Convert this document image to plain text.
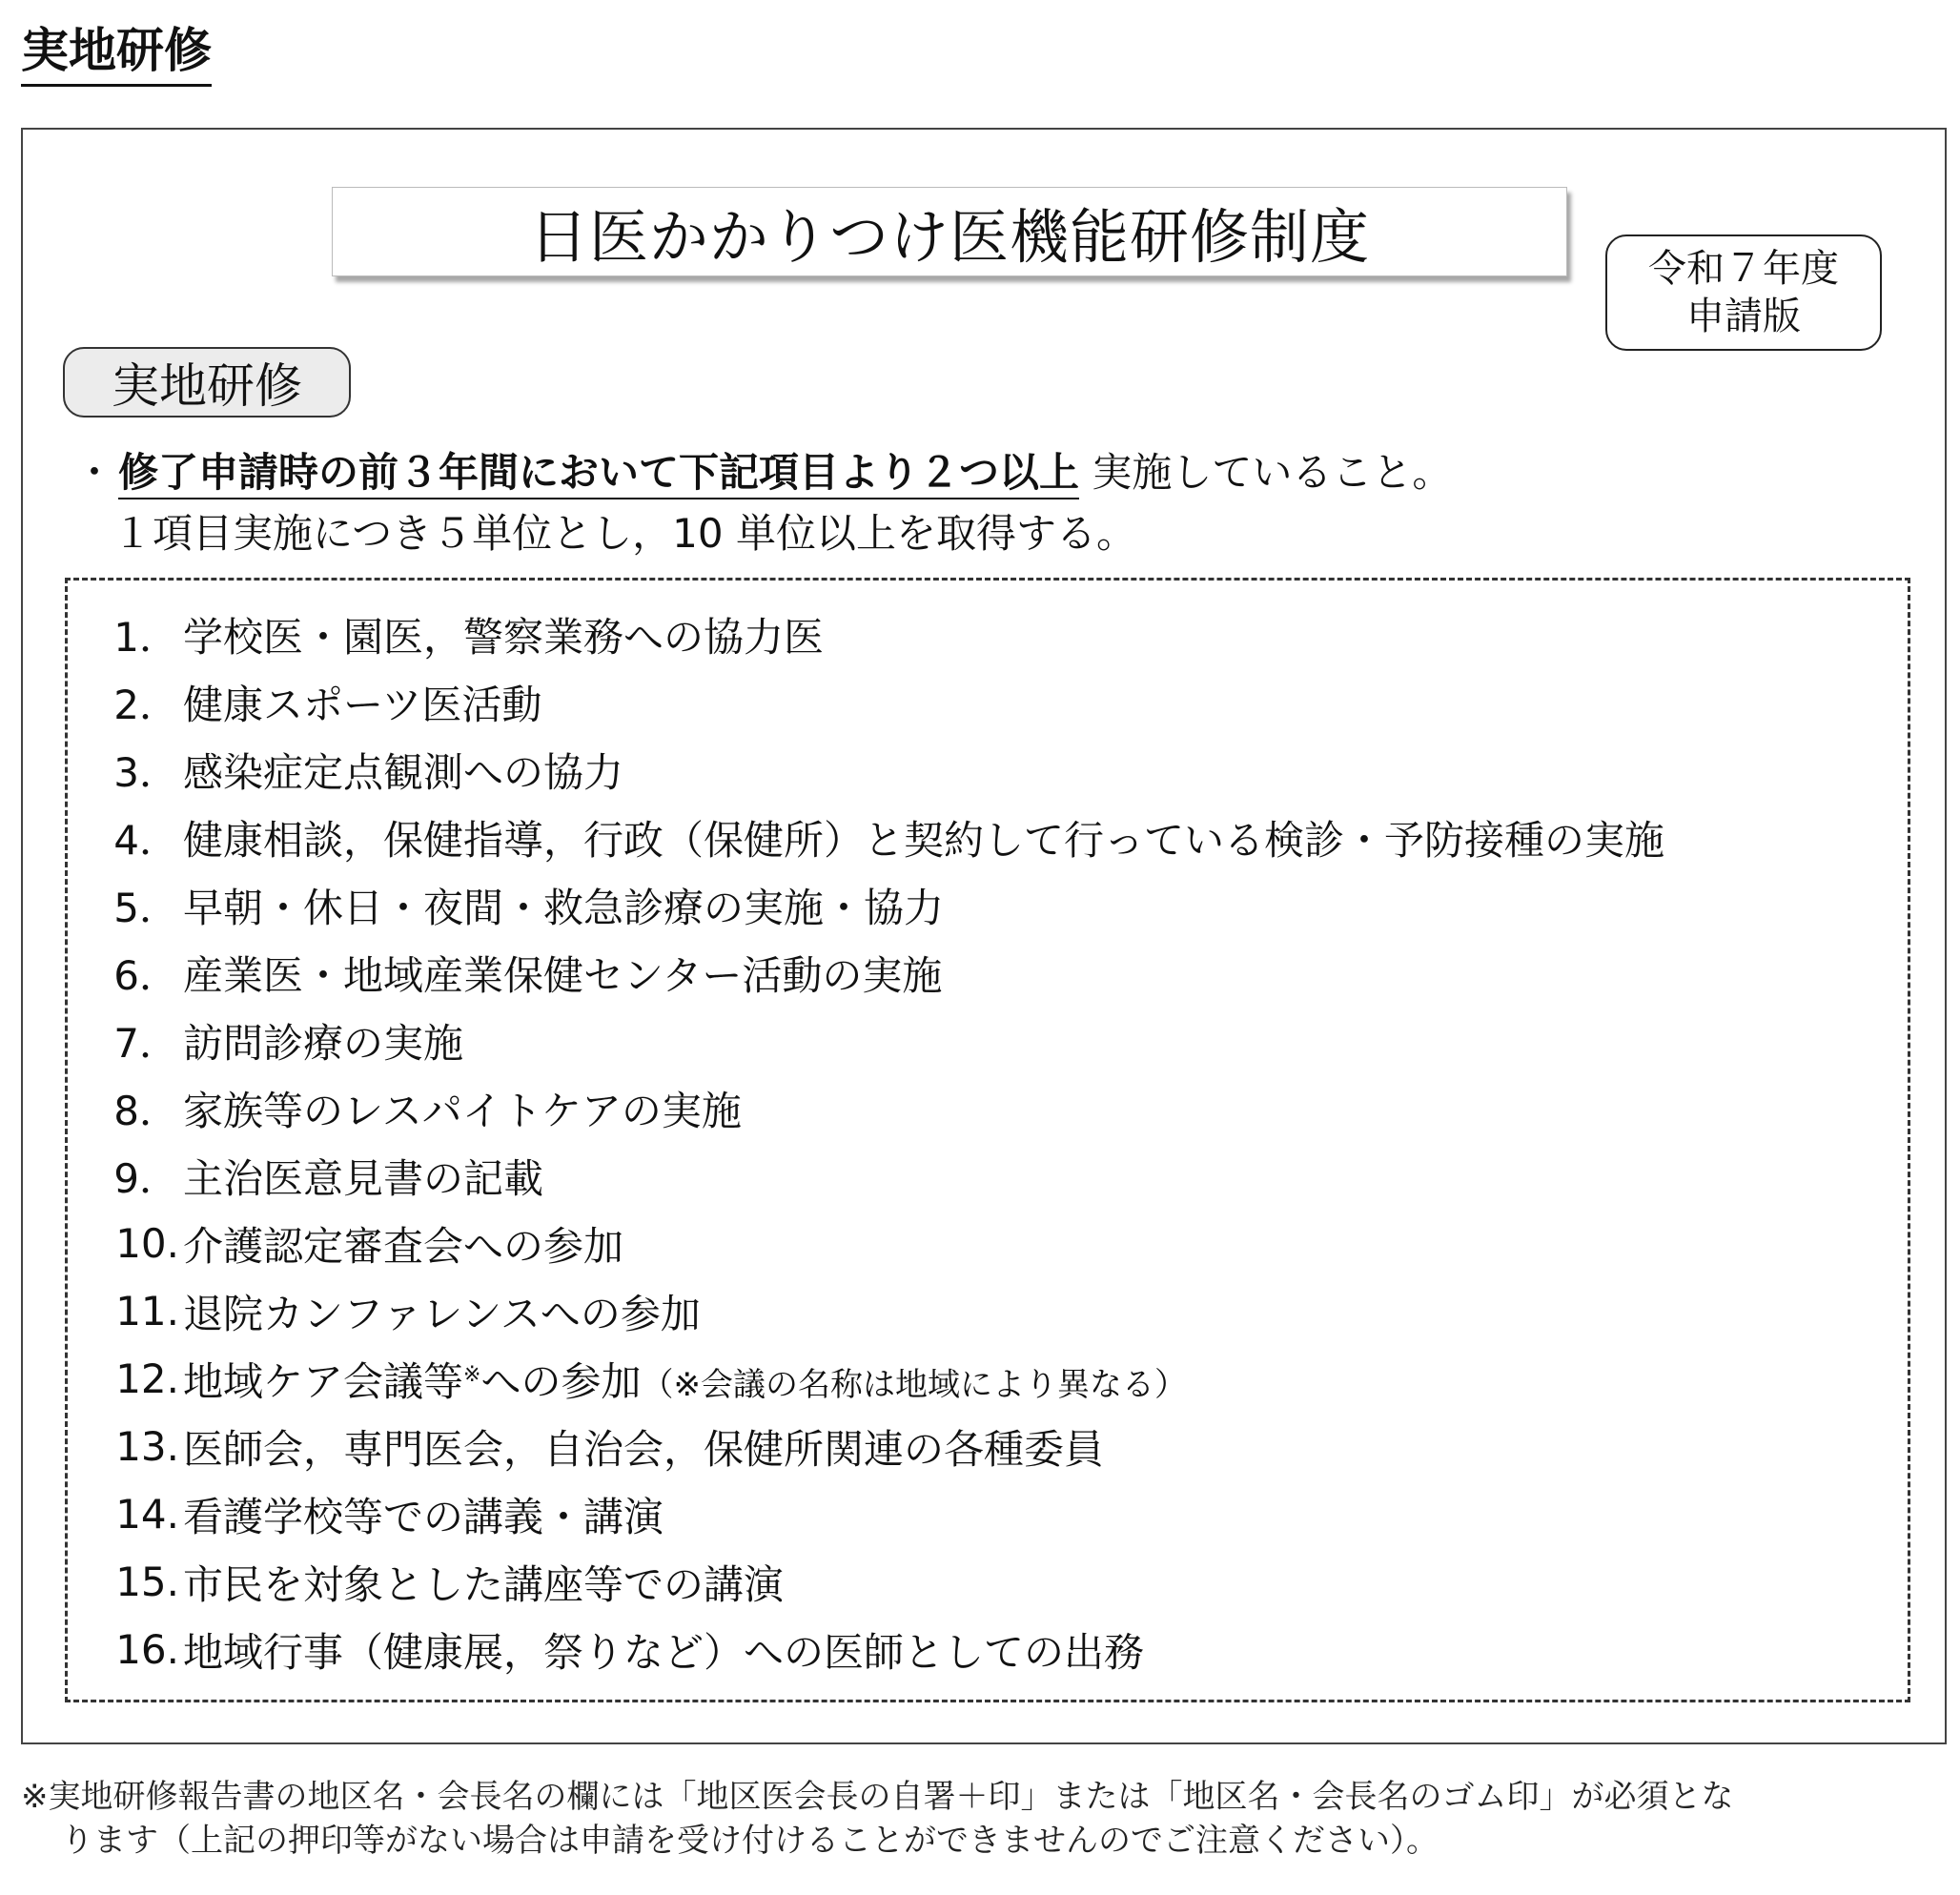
実地研修
日医かかりつけ医機能研修制度	令和７年度
申請版
実地研修
・修了申請時の前３年間において下記項目より２つ以上 実施していること。
１項目実施につき５単位とし，10 単位以上を取得する。
1． 学校医・園医，警察業務への協力医
2． 健康スポーツ医活動
3． 感染症定点観測への協力
4． 健康相談，保健指導，行政（保健所）と契約して行っている検診・予防接種の実施
5． 早朝・休日・夜間・救急診療の実施・協力
6． 産業医・地域産業保健センター活動の実施
7． 訪問診療の実施
8． 家族等のレスパイトケアの実施
9． 主治医意見書の記載
10. 介護認定審査会への参加
11. 退院カンファレンスへの参加
12. 地域ケア会議等※への参加（※会議の名称は地域により異なる）
13. 医師会，専門医会，自治会，保健所関連の各種委員
14. 看護学校等での講義・講演
15. 市民を対象とした講座等での講演
16. 地域行事（健康展，祭りなど）への医師としての出務
※実地研修報告書の地区名・会長名の欄には「地区医会長の自署＋印」または「地区名・会長名のゴム印」が必須とな
ります（上記の押印等がない場合は申請を受け付けることができませんのでご注意ください）。
